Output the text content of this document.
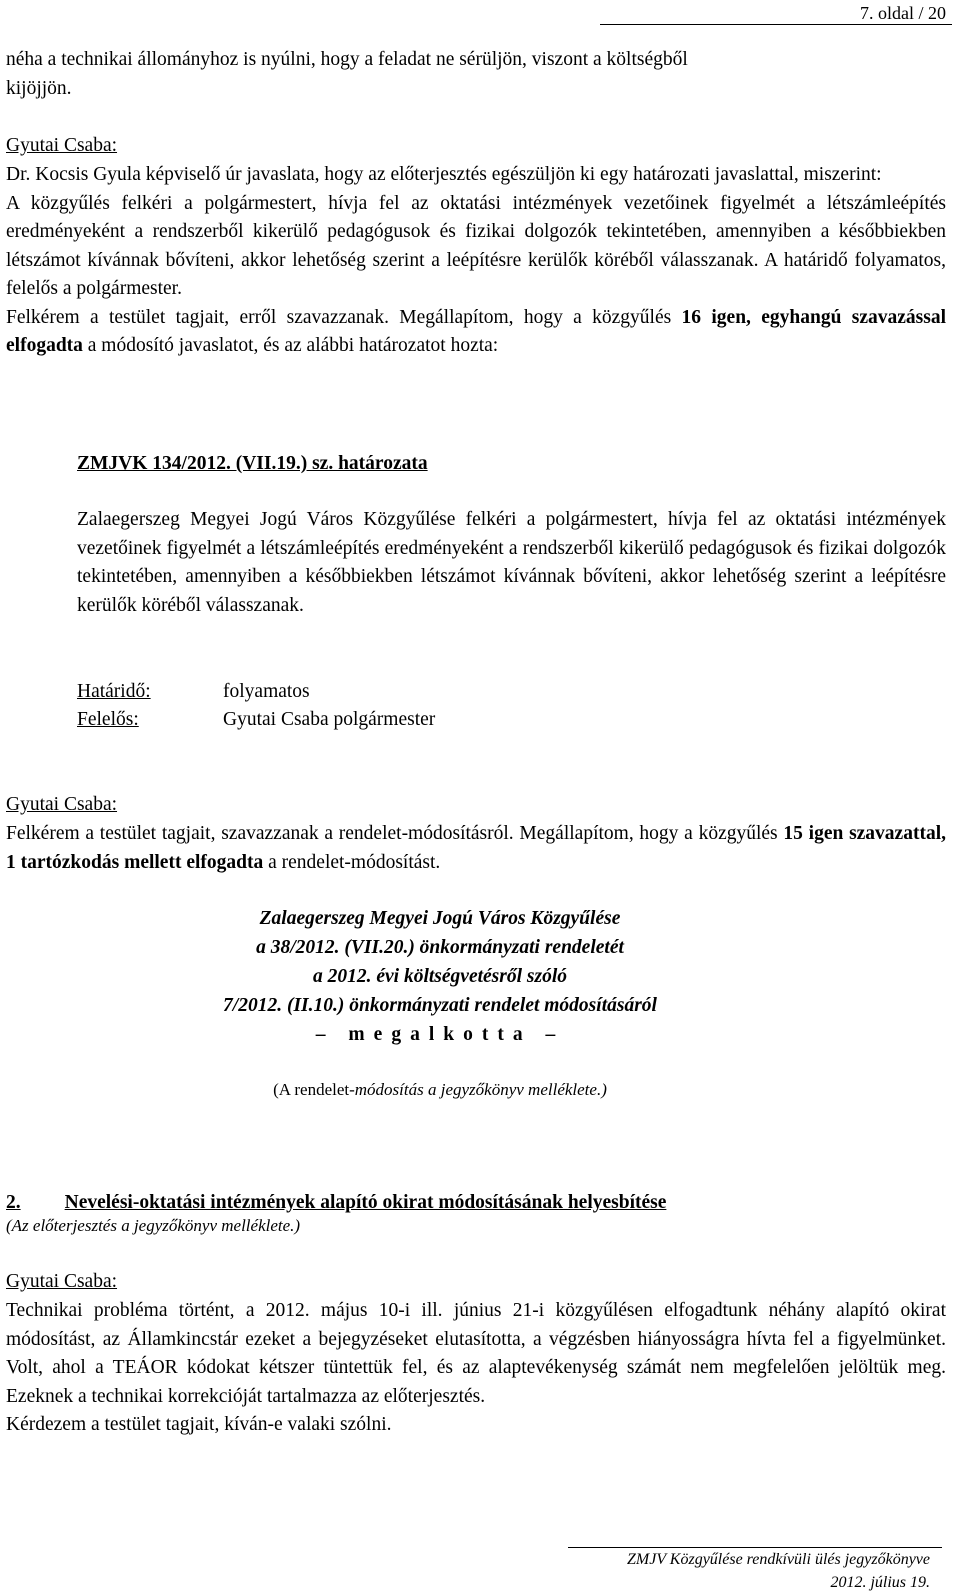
7. oldal / 20
néha a technikai állományhoz is nyúlni, hogy a feladat ne sérüljön, viszont a költségből
kijöjjön.
Gyutai Csaba:
Dr. Kocsis Gyula képviselő úr javaslata, hogy az előterjesztés egészüljön ki egy határozati javaslattal, miszerint:
A közgyűlés felkéri a polgármestert, hívja fel az oktatási intézmények vezetőinek figyelmét a létszámleépítés eredményeként a rendszerből kikerülő pedagógusok és fizikai dolgozók tekintetében, amennyiben a későbbiekben létszámot kívánnak bővíteni, akkor lehetőség szerint a leépítésre kerülők köréből válasszanak. A határidő folyamatos, felelős a polgármester.
Felkérem a testület tagjait, erről szavazzanak. Megállapítom, hogy a közgyűlés 16 igen, egyhangú szavazással elfogadta a módosító javaslatot, és az alábbi határozatot hozta:
ZMJVK 134/2012. (VII.19.) sz. határozata
Zalaegerszeg Megyei Jogú Város Közgyűlése felkéri a polgármestert, hívja fel az oktatási intézmények vezetőinek figyelmét a létszámleépítés eredményeként a rendszerből kikerülő pedagógusok és fizikai dolgozók tekintetében, amennyiben a későbbiekben létszámot kívánnak bővíteni, akkor lehetőség szerint a leépítésre kerülők köréből válasszanak.
Határidő:	folyamatos
Felelős:	Gyutai Csaba polgármester
Gyutai Csaba:
Felkérem a testület tagjait, szavazzanak a rendelet-módosításról. Megállapítom, hogy a közgyűlés 15 igen szavazattal, 1 tartózkodás mellett elfogadta a rendelet-módosítást.
Zalaegerszeg Megyei Jogú Város Közgyűlése
a 38/2012. (VII.20.) önkormányzati rendeletét
a 2012. évi költségvetésről szóló
7/2012. (II.10.) önkormányzati rendelet módosításáról
– megalkotta –
(A rendelet-módosítás a jegyzőkönyv melléklete.)
2. Nevelési-oktatási intézmények alapító okirat módosításának helyesbítése
(Az előterjesztés a jegyzőkönyv melléklete.)
Gyutai Csaba:
Technikai probléma történt, a 2012. május 10-i ill. június 21-i közgyűlésen elfogadtunk néhány alapító okirat módosítást, az Államkincstár ezeket a bejegyzéseket elutasította, a végzésben hiányosságra hívta fel a figyelmünket. Volt, ahol a TEÁOR kódokat kétszer tüntettük fel, és az alaptevékenység számát nem megfelelően jelöltük meg. Ezeknek a technikai korrekcióját tartalmazza az előterjesztés.
Kérdezem a testület tagjait, kíván-e valaki szólni.
ZMJV Közgyűlése rendkívüli ülés jegyzőkönyve
2012. július 19.
